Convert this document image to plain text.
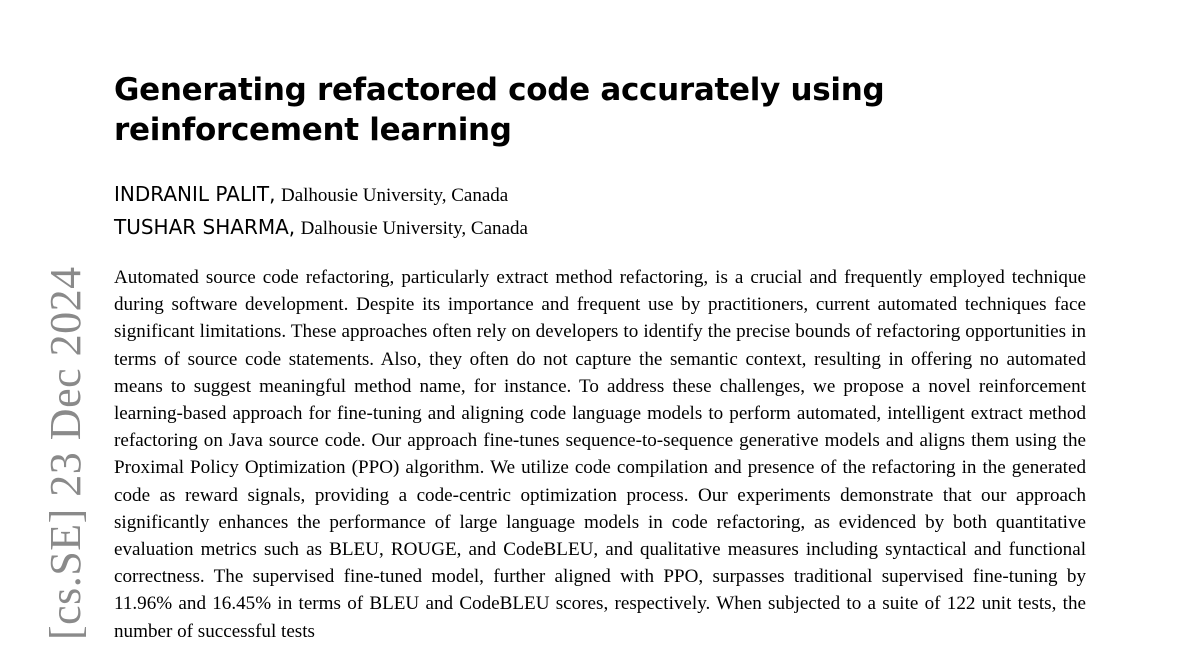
[cs.SE] 23 Dec 2024
Generating refactored code accurately using reinforcement learning
INDRANIL PALIT, Dalhousie University, Canada
TUSHAR SHARMA, Dalhousie University, Canada

Automated source code refactoring, particularly extract method refactoring, is a crucial and frequently employed technique during software development. Despite its importance and frequent use by practitioners, current automated techniques face significant limitations. These approaches often rely on developers to identify the precise bounds of refactoring opportunities in terms of source code statements. Also, they often do not capture the semantic context, resulting in offering no automated means to suggest meaningful method name, for instance. To address these challenges, we propose a novel reinforcement learning-based approach for fine-tuning and aligning code language models to perform automated, intelligent extract method refactoring on Java source code. Our approach fine-tunes sequence-to-sequence generative models and aligns them using the Proximal Policy Optimization (PPO) algorithm. We utilize code compilation and presence of the refactoring in the generated code as reward signals, providing a code-centric optimization process. Our experiments demonstrate that our approach significantly enhances the performance of large language models in code refactoring, as evidenced by both quantitative evaluation metrics such as BLEU, ROUGE, and CodeBLEU, and qualitative measures including syntactical and functional correctness. The supervised fine-tuned model, further aligned with PPO, surpasses traditional supervised fine-tuning by 11.96% and 16.45% in terms of BLEU and CodeBLEU scores, respectively. When subjected to a suite of 122 unit tests, the number of successful tests
